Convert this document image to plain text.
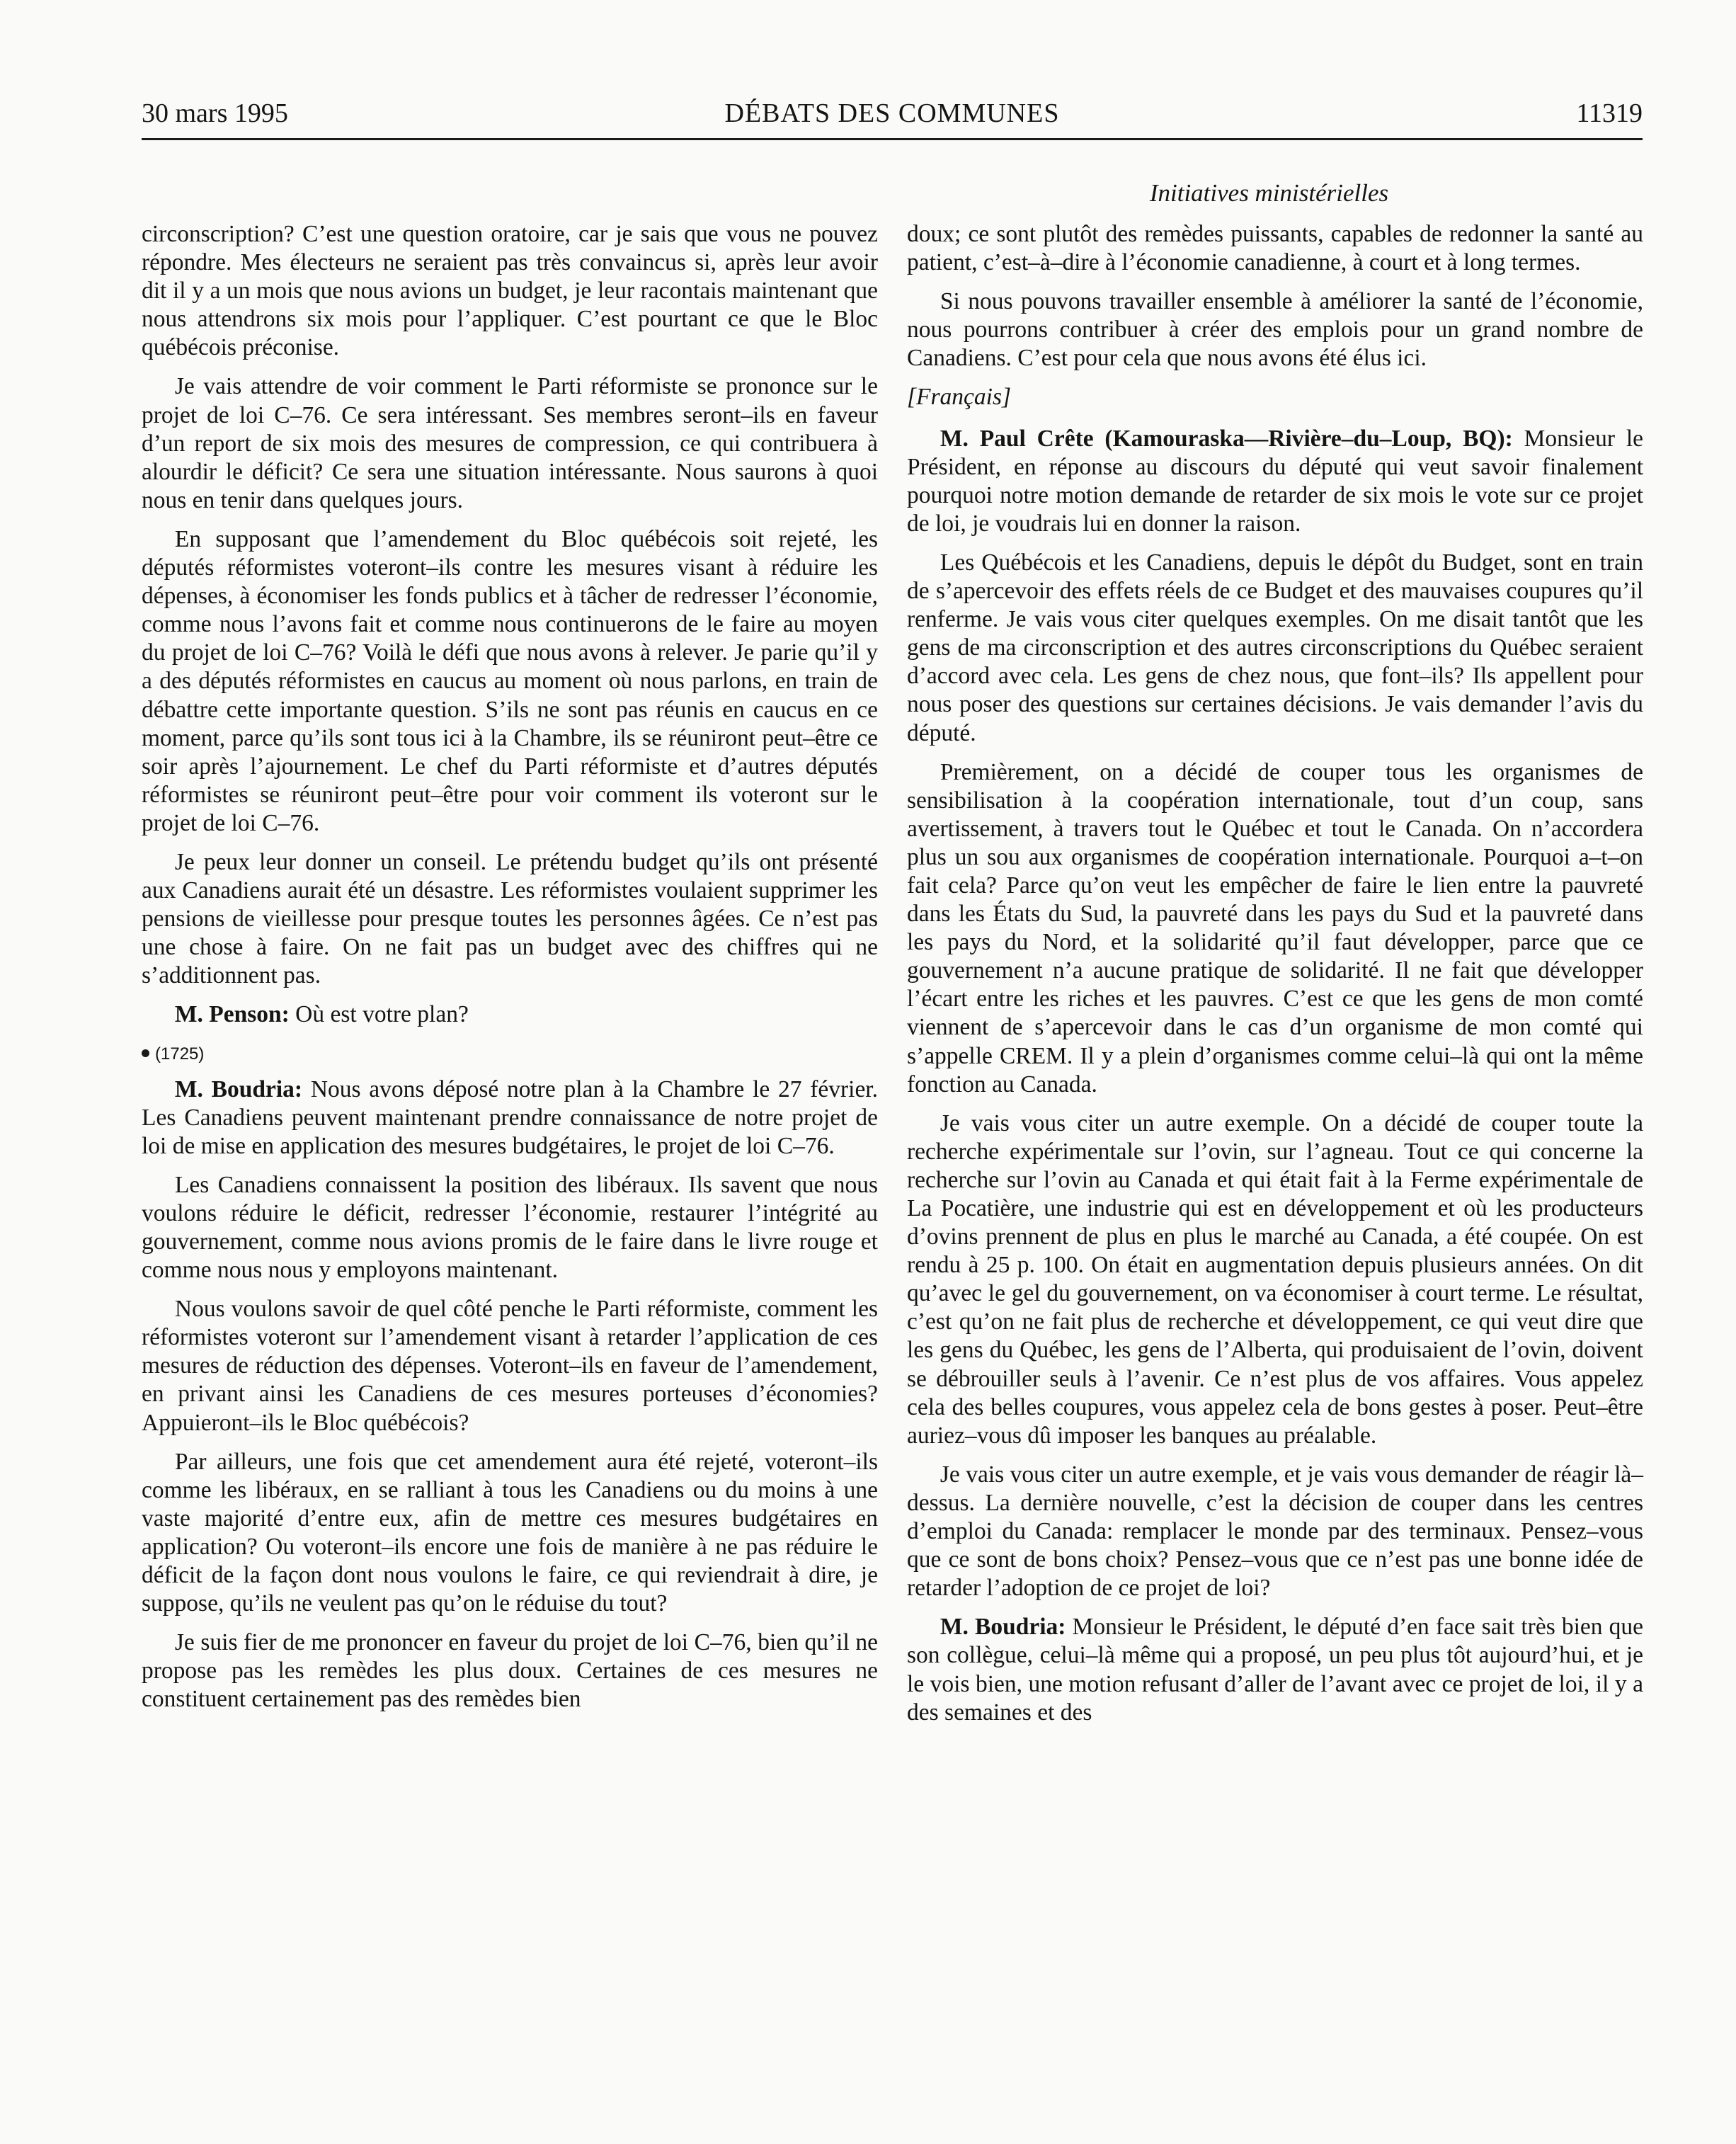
30 mars 1995	DÉBATS DES COMMUNES	11319
Initiatives ministérielles

circonscription? C’est une question oratoire, car je sais que vous ne pouvez répondre. Mes électeurs ne seraient pas très convaincus si, après leur avoir dit il y a un mois que nous avions un budget, je leur racontais maintenant que nous attendrons six mois pour l’appliquer. C’est pourtant ce que le Bloc québécois préconise.

Je vais attendre de voir comment le Parti réformiste se prononce sur le projet de loi C–76. Ce sera intéressant. Ses membres seront–ils en faveur d’un report de six mois des mesures de compression, ce qui contribuera à alourdir le déficit? Ce sera une situation intéressante. Nous saurons à quoi nous en tenir dans quelques jours.

En supposant que l’amendement du Bloc québécois soit rejeté, les députés réformistes voteront–ils contre les mesures visant à réduire les dépenses, à économiser les fonds publics et à tâcher de redresser l’économie, comme nous l’avons fait et comme nous continuerons de le faire au moyen du projet de loi C–76? Voilà le défi que nous avons à relever. Je parie qu’il y a des députés réformistes en caucus au moment où nous parlons, en train de débattre cette importante question. S’ils ne sont pas réunis en caucus en ce moment, parce qu’ils sont tous ici à la Chambre, ils se réuniront peut–être ce soir après l’ajournement. Le chef du Parti réformiste et d’autres députés réformistes se réuniront peut–être pour voir comment ils voteront sur le projet de loi C–76.

Je peux leur donner un conseil. Le prétendu budget qu’ils ont présenté aux Canadiens aurait été un désastre. Les réformistes voulaient supprimer les pensions de vieillesse pour presque toutes les personnes âgées. Ce n’est pas une chose à faire. On ne fait pas un budget avec des chiffres qui ne s’additionnent pas.

M. Penson: Où est votre plan?

(1725)

M. Boudria: Nous avons déposé notre plan à la Chambre le 27 février. Les Canadiens peuvent maintenant prendre connaissance de notre projet de loi de mise en application des mesures budgétaires, le projet de loi C–76.

Les Canadiens connaissent la position des libéraux. Ils savent que nous voulons réduire le déficit, redresser l’économie, restaurer l’intégrité au gouvernement, comme nous avions promis de le faire dans le livre rouge et comme nous nous y employons maintenant.

Nous voulons savoir de quel côté penche le Parti réformiste, comment les réformistes voteront sur l’amendement visant à retarder l’application de ces mesures de réduction des dépenses. Voteront–ils en faveur de l’amendement, en privant ainsi les Canadiens de ces mesures porteuses d’économies? Appuieront–ils le Bloc québécois?

Par ailleurs, une fois que cet amendement aura été rejeté, voteront–ils comme les libéraux, en se ralliant à tous les Canadiens ou du moins à une vaste majorité d’entre eux, afin de mettre ces mesures budgétaires en application? Ou voteront–ils encore une fois de manière à ne pas réduire le déficit de la façon dont nous voulons le faire, ce qui reviendrait à dire, je suppose, qu’ils ne veulent pas qu’on le réduise du tout?

Je suis fier de me prononcer en faveur du projet de loi C–76, bien qu’il ne propose pas les remèdes les plus doux. Certaines de ces mesures ne constituent certainement pas des remèdes bien

doux; ce sont plutôt des remèdes puissants, capables de redonner la santé au patient, c’est–à–dire à l’économie canadienne, à court et à long termes.

Si nous pouvons travailler ensemble à améliorer la santé de l’économie, nous pourrons contribuer à créer des emplois pour un grand nombre de Canadiens. C’est pour cela que nous avons été élus ici.

[Français]

M. Paul Crête (Kamouraska—Rivière–du–Loup, BQ): Monsieur le Président, en réponse au discours du député qui veut savoir finalement pourquoi notre motion demande de retarder de six mois le vote sur ce projet de loi, je voudrais lui en donner la raison.

Les Québécois et les Canadiens, depuis le dépôt du Budget, sont en train de s’apercevoir des effets réels de ce Budget et des mauvaises coupures qu’il renferme. Je vais vous citer quelques exemples. On me disait tantôt que les gens de ma circonscription et des autres circonscriptions du Québec seraient d’accord avec cela. Les gens de chez nous, que font–ils? Ils appellent pour nous poser des questions sur certaines décisions. Je vais demander l’avis du député.

Premièrement, on a décidé de couper tous les organismes de sensibilisation à la coopération internationale, tout d’un coup, sans avertissement, à travers tout le Québec et tout le Canada. On n’accordera plus un sou aux organismes de coopération internationale. Pourquoi a–t–on fait cela? Parce qu’on veut les empêcher de faire le lien entre la pauvreté dans les États du Sud, la pauvreté dans les pays du Sud et la pauvreté dans les pays du Nord, et la solidarité qu’il faut développer, parce que ce gouvernement n’a aucune pratique de solidarité. Il ne fait que développer l’écart entre les riches et les pauvres. C’est ce que les gens de mon comté viennent de s’apercevoir dans le cas d’un organisme de mon comté qui s’appelle CREM. Il y a plein d’organismes comme celui–là qui ont la même fonction au Canada.

Je vais vous citer un autre exemple. On a décidé de couper toute la recherche expérimentale sur l’ovin, sur l’agneau. Tout ce qui concerne la recherche sur l’ovin au Canada et qui était fait à la Ferme expérimentale de La Pocatière, une industrie qui est en développement et où les producteurs d’ovins prennent de plus en plus le marché au Canada, a été coupée. On est rendu à 25 p. 100. On était en augmentation depuis plusieurs années. On dit qu’avec le gel du gouvernement, on va économiser à court terme. Le résultat, c’est qu’on ne fait plus de recherche et développement, ce qui veut dire que les gens du Québec, les gens de l’Alberta, qui produisaient de l’ovin, doivent se débrouiller seuls à l’avenir. Ce n’est plus de vos affaires. Vous appelez cela des belles coupures, vous appelez cela de bons gestes à poser. Peut–être auriez–vous dû imposer les banques au préalable.

Je vais vous citer un autre exemple, et je vais vous demander de réagir là–dessus. La dernière nouvelle, c’est la décision de couper dans les centres d’emploi du Canada: remplacer le monde par des terminaux. Pensez–vous que ce sont de bons choix? Pensez–vous que ce n’est pas une bonne idée de retarder l’adoption de ce projet de loi?

M. Boudria: Monsieur le Président, le député d’en face sait très bien que son collègue, celui–là même qui a proposé, un peu plus tôt aujourd’hui, et je le vois bien, une motion refusant d’aller de l’avant avec ce projet de loi, il y a des semaines et des
